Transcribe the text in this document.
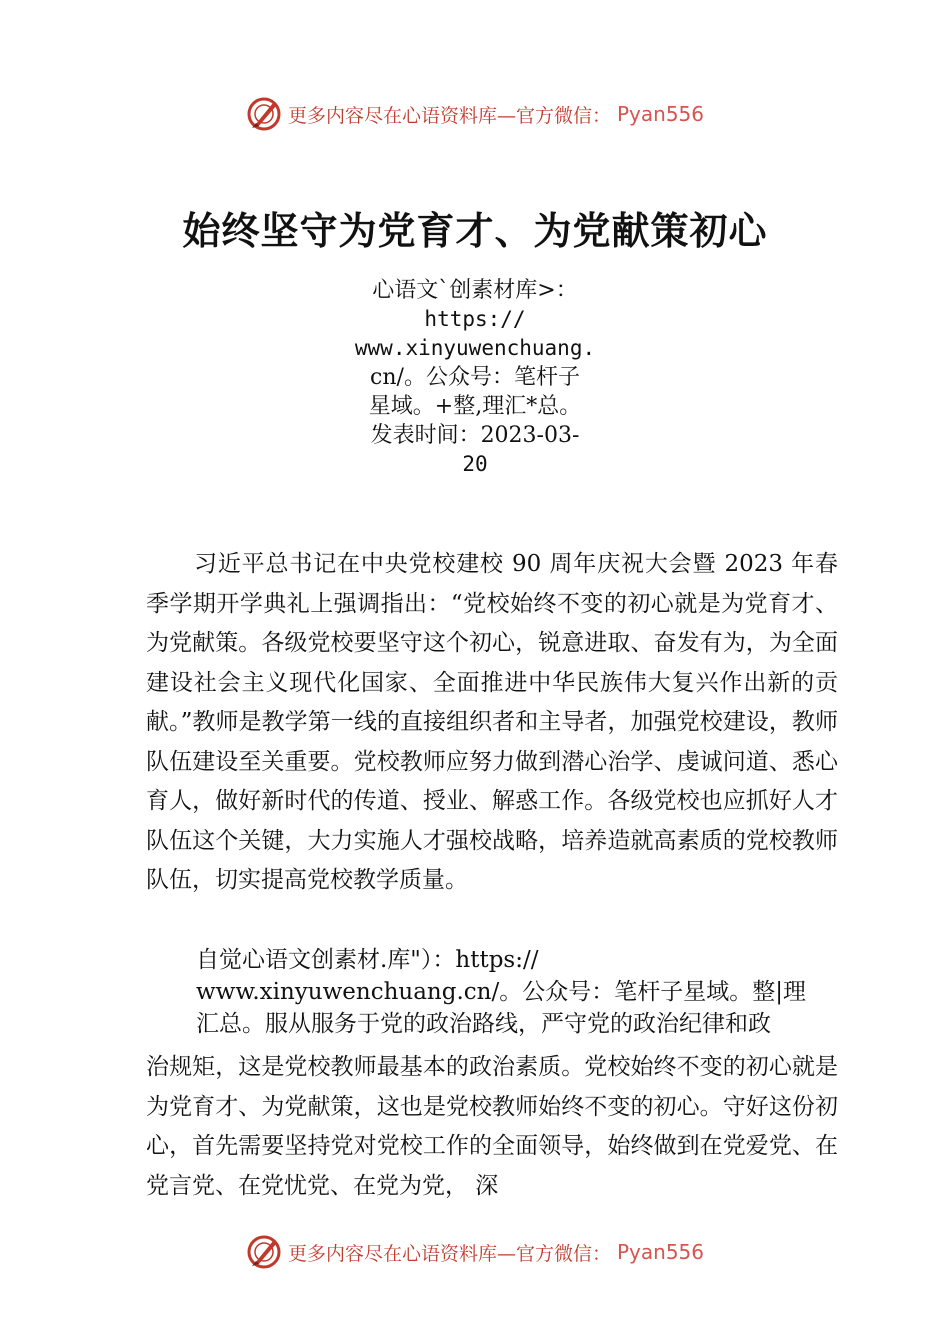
更多内容尽在心语资料库—官方微信： Pyan556
始终坚守为党育才、为党献策初心
心语文`创素材库>：
https://
www.xinyuwenchuang.
cn/。公众号：笔杆子
星域。+整,理汇*总。
发表时间：2023-03-
20

习近平总书记在中央党校建校 90 周年庆祝大会暨 2023 年春季学期开学典礼上强调指出：“党校始终不变的初心就是为党育才、为党献策。各级党校要坚守这个初心，锐意进取、奋发有为，为全面建设社会主义现代化国家、全面推进中华民族伟大复兴作出新的贡献。”教师是教学第一线的直接组织者和主导者，加强党校建设，教师队伍建设至关重要。党校教师应努力做到潜心治学、虔诚问道、悉心育人，做好新时代的传道、授业、解惑工作。各级党校也应抓好人才队伍这个关键，大力实施人才强校战略，培养造就高素质的党校教师队伍，切实提高党校教学质量。

自觉心语文创素材.库"）：https://
www.xinyuwenchuang.cn/。公众号：笔杆子星域。整|理
汇总。服从服务于党的政治路线，严守党的政治纪律和政

治规矩，这是党校教师最基本的政治素质。党校始终不变的初心就是为党育才、为党献策，这也是党校教师始终不变的初心。守好这份初心，首先需要坚持党对党校工作的全面领导，始终做到在党爱党、在党言党、在党忧党、在党为党， 深

更多内容尽在心语资料库—官方微信： Pyan556
